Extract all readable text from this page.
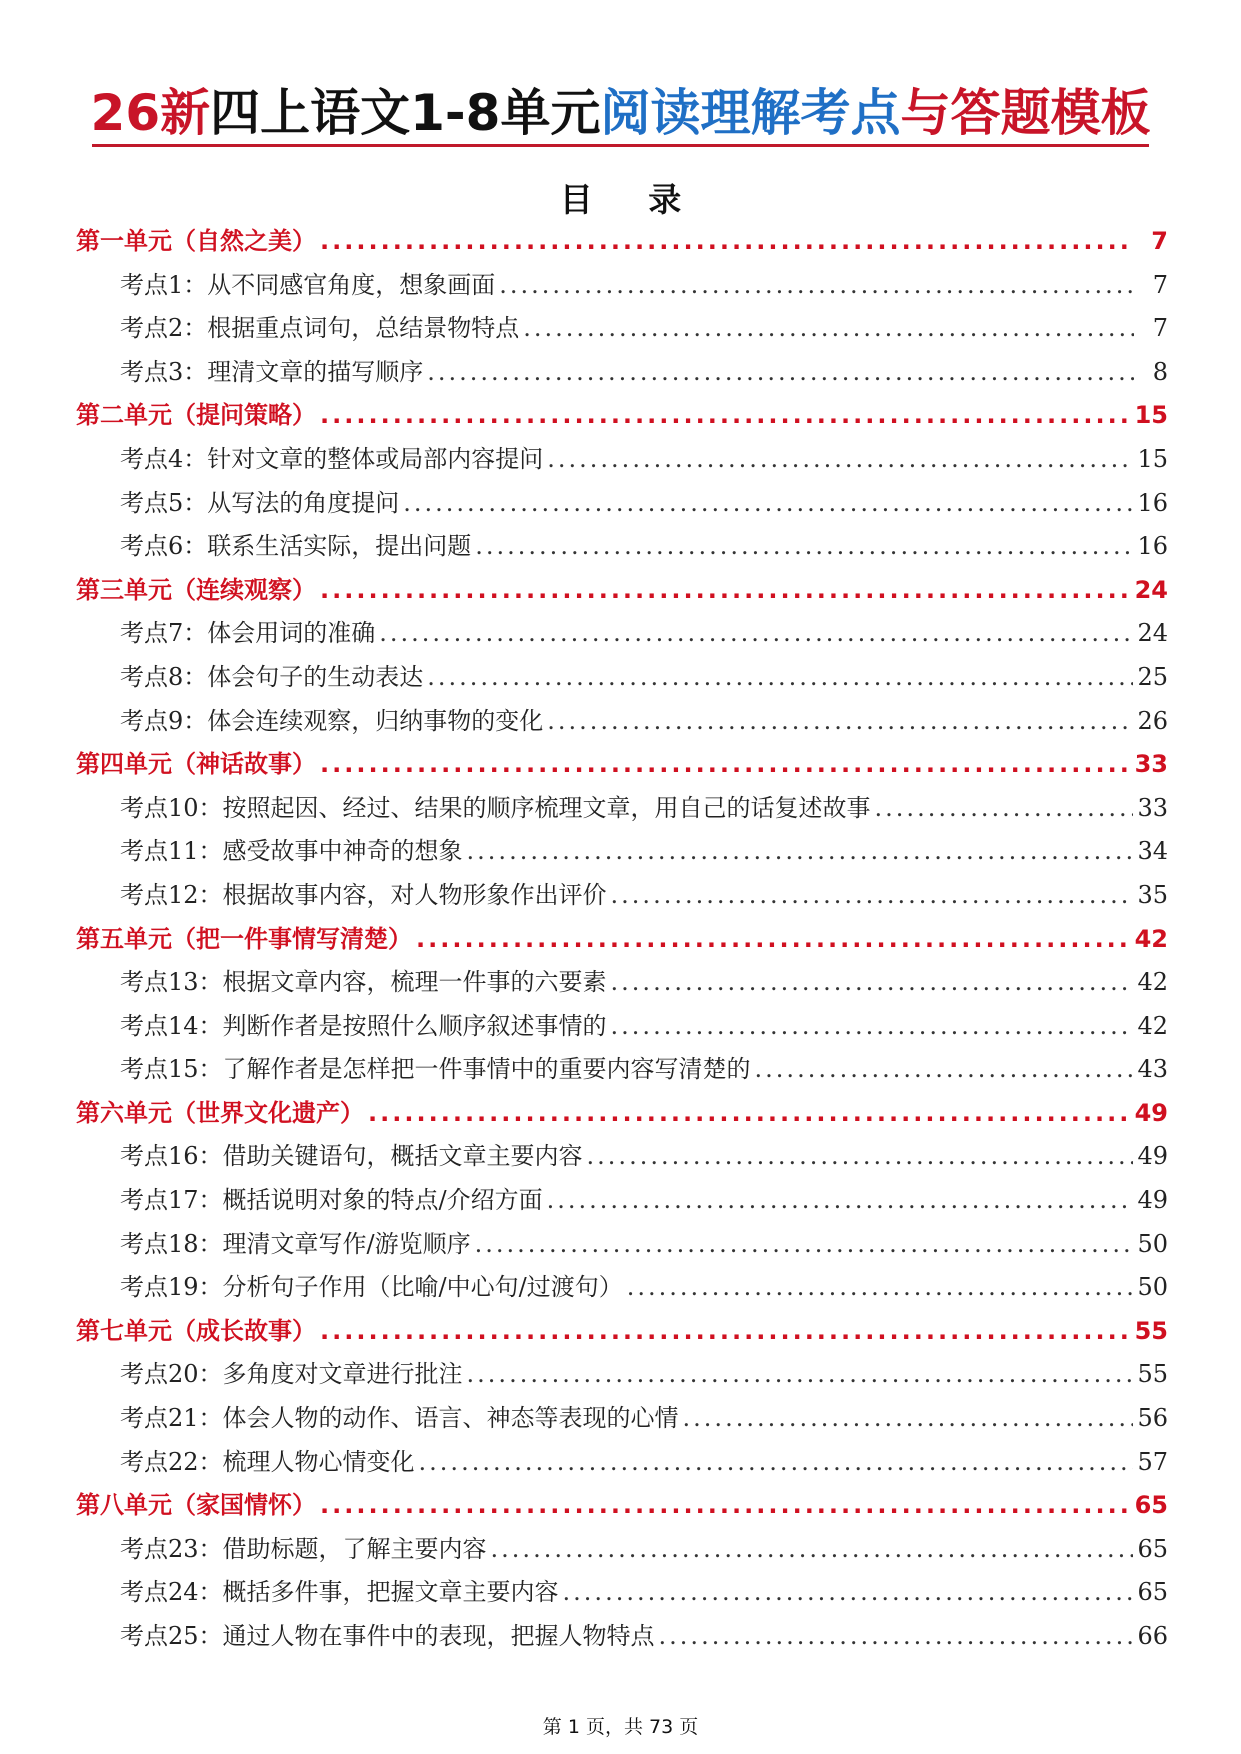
26新四上语文1-8单元阅读理解考点与答题模板
目 录
第一单元（自然之美） .....	7
考点1：从不同感官角度，想象画面 .....	7
考点2：根据重点词句，总结景物特点 .....	7
考点3：理清文章的描写顺序 .....	8
第二单元（提问策略） .....	15
考点4：针对文章的整体或局部内容提问 .....	15
考点5：从写法的角度提问 .....	16
考点6：联系生活实际，提出问题 .....	16
第三单元（连续观察） .....	24
考点7：体会用词的准确 .....	24
考点8：体会句子的生动表达 .....	25
考点9：体会连续观察，归纳事物的变化 .....	26
第四单元（神话故事） .....	33
考点10：按照起因、经过、结果的顺序梳理文章，用自己的话复述故事 .....	33
考点11：感受故事中神奇的想象 .....	34
考点12：根据故事内容，对人物形象作出评价 .....	35
第五单元（把一件事情写清楚） .....	42
考点13：根据文章内容，梳理一件事的六要素 .....	42
考点14：判断作者是按照什么顺序叙述事情的 .....	42
考点15：了解作者是怎样把一件事情中的重要内容写清楚的 .....	43
第六单元（世界文化遗产） .....	49
考点16：借助关键语句，概括文章主要内容 .....	49
考点17：概括说明对象的特点/介绍方面 .....	49
考点18：理清文章写作/游览顺序 .....	50
考点19：分析句子作用（比喻/中心句/过渡句） .....	50
第七单元（成长故事） .....	55
考点20：多角度对文章进行批注 .....	55
考点21：体会人物的动作、语言、神态等表现的心情 .....	56
考点22：梳理人物心情变化 .....	57
第八单元（家国情怀） .....	65
考点23：借助标题，了解主要内容 .....	65
考点24：概括多件事，把握文章主要内容 .....	65
考点25：通过人物在事件中的表现，把握人物特点 .....	66
第 1 页，共 73 页
